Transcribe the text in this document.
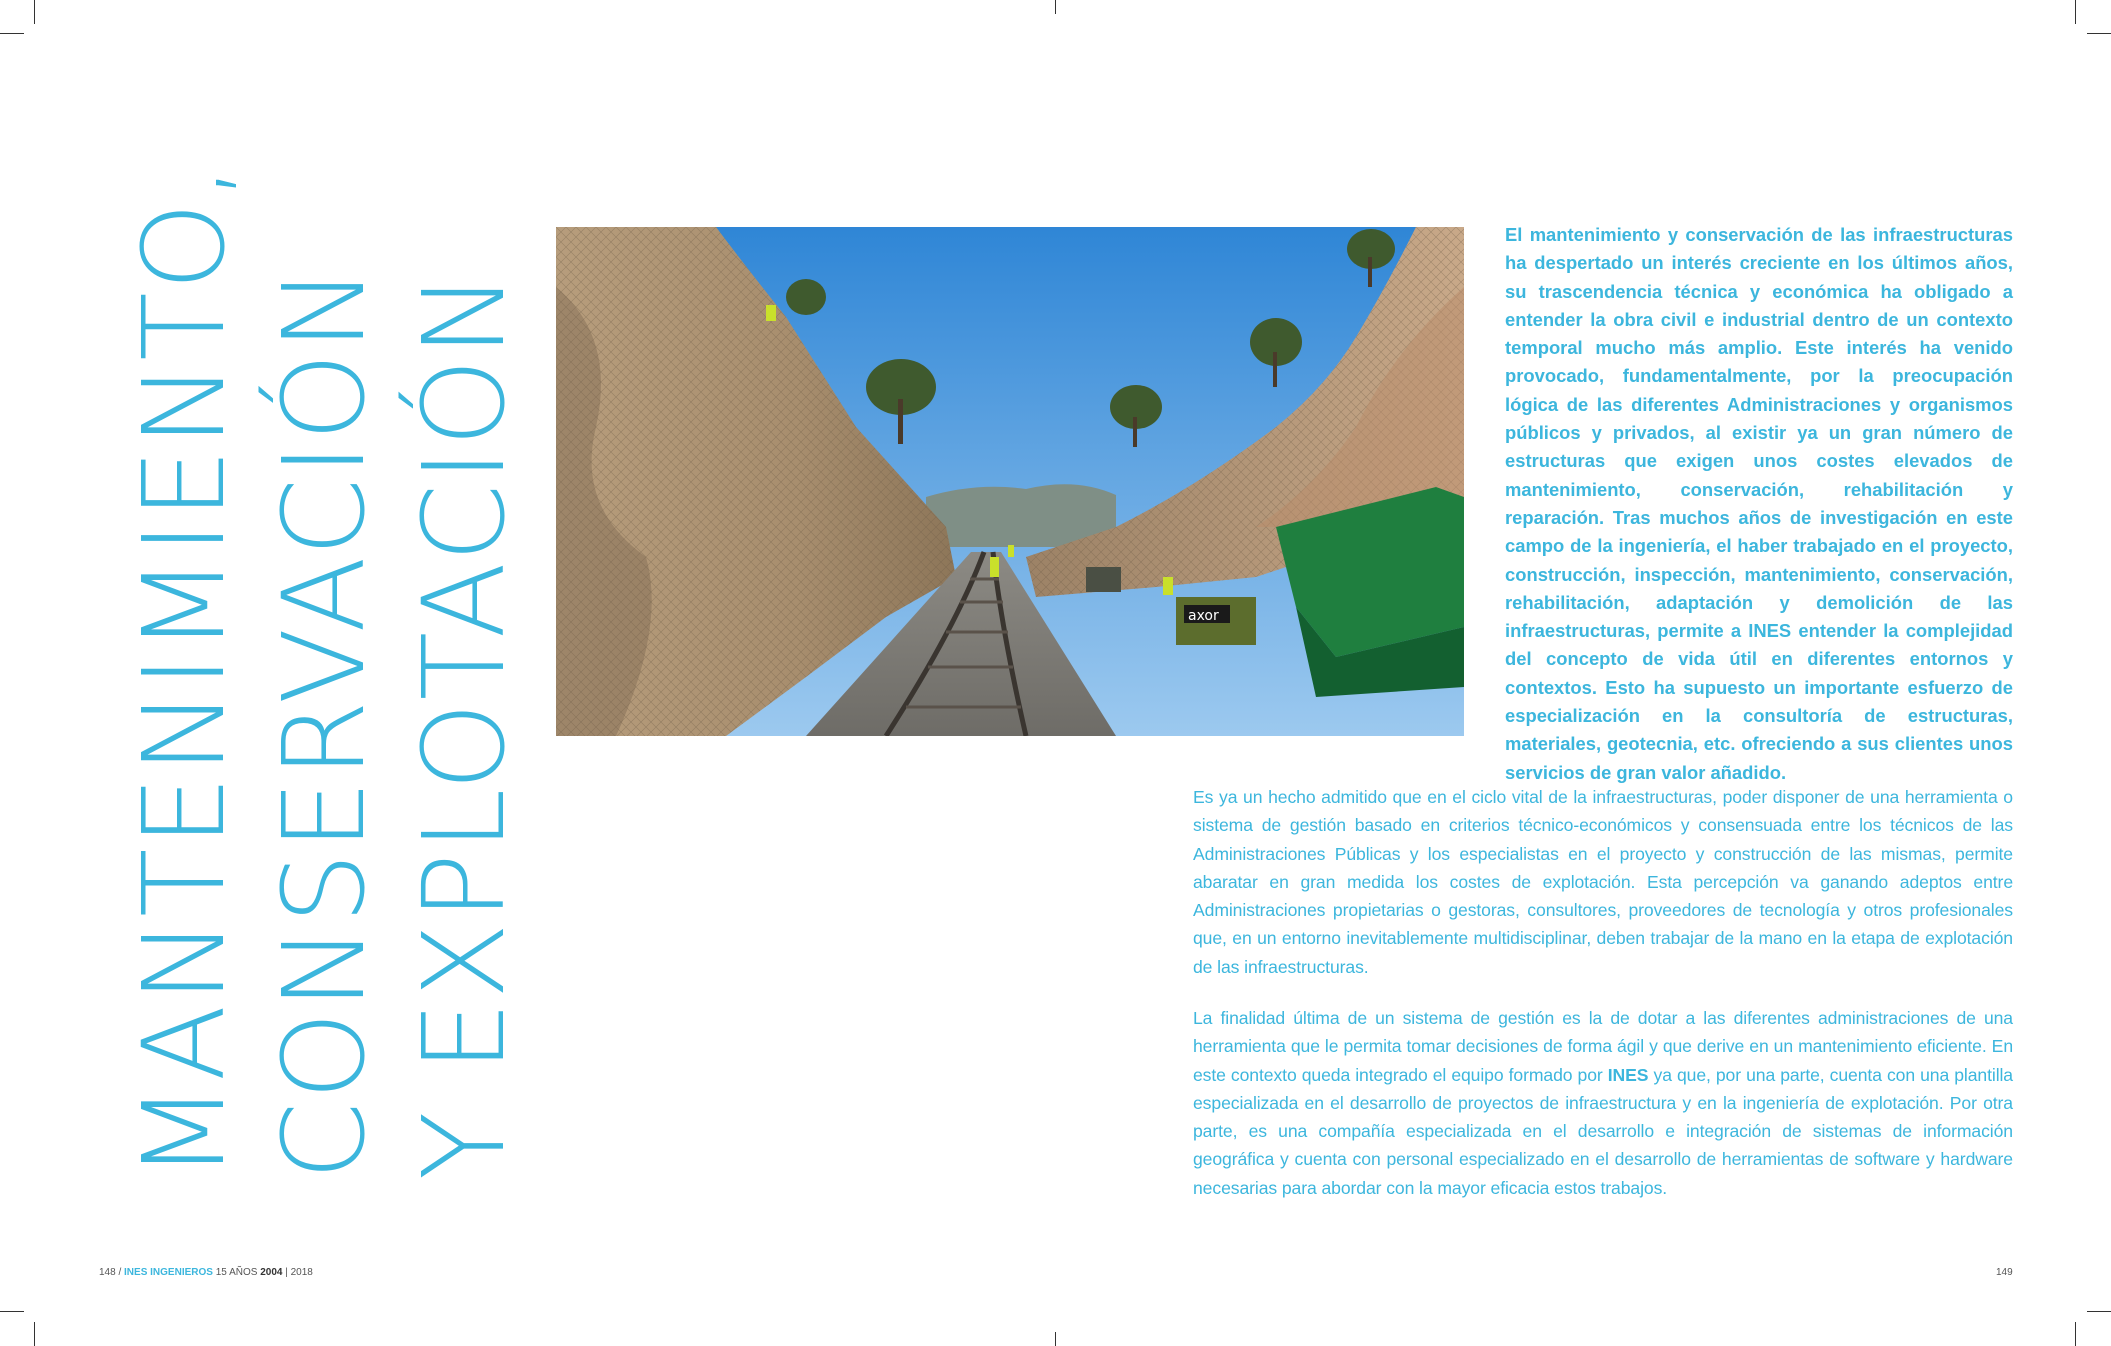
MANTENIMIENTO, CONSERVACIÓN Y EXPLOTACIÓN	axor

El mantenimiento y conservación de las infraestructuras ha despertado un interés creciente en los últimos años, su trascendencia técnica y económica ha obligado a entender la obra civil e industrial dentro de un contexto temporal mucho más amplio. Este interés ha venido provocado, fundamentalmente, por la preocupación lógica de las diferentes Administraciones y organismos públicos y privados, al existir ya un gran número de estructuras que exigen unos costes elevados de mantenimiento, conservación, rehabilitación y reparación. Tras muchos años de investigación en este campo de la ingeniería, el haber trabajado en el proyecto, construcción, inspección, mantenimiento, conservación, rehabilitación, adaptación y demolición de las infraestructuras, permite a INES entender la complejidad del concepto de vida útil en diferentes entornos y contextos. Esto ha supuesto un importante esfuerzo de especialización en la consultoría de estructuras, materiales, geotecnia, etc. ofreciendo a sus clientes unos servicios de gran valor añadido.

Es ya un hecho admitido que en el ciclo vital de la infraestructuras, poder disponer de una herramienta o sistema de gestión basado en criterios técnico-económicos y consensuada entre los técnicos de las Administraciones Públicas y los especialistas en el proyecto y construcción de las mismas, permite abaratar en gran medida los costes de explotación. Esta percepción va ganando adeptos entre Administraciones propietarias o gestoras, consultores, proveedores de tecnología y otros profesionales que, en un entorno inevitablemente multidisciplinar, deben trabajar de la mano en la etapa de explotación de las infraestructuras.

La finalidad última de un sistema de gestión es la de dotar a las diferentes administraciones de una herramienta que le permita tomar decisiones de forma ágil y que derive en un mantenimiento eficiente. En este contexto queda integrado el equipo formado por INES ya que, por una parte, cuenta con una plantilla especializada en el desarrollo de proyectos de infraestructura y en la ingeniería de explotación. Por otra parte, es una compañía especializada en el desarrollo e integración de sistemas de información geográfica y cuenta con personal especializado en el desarrollo de herramientas de software y hardware necesarias para abordar con la mayor eficacia estos trabajos.

148 / INES INGENIEROS 15 AÑOS 2004 | 2018	149
